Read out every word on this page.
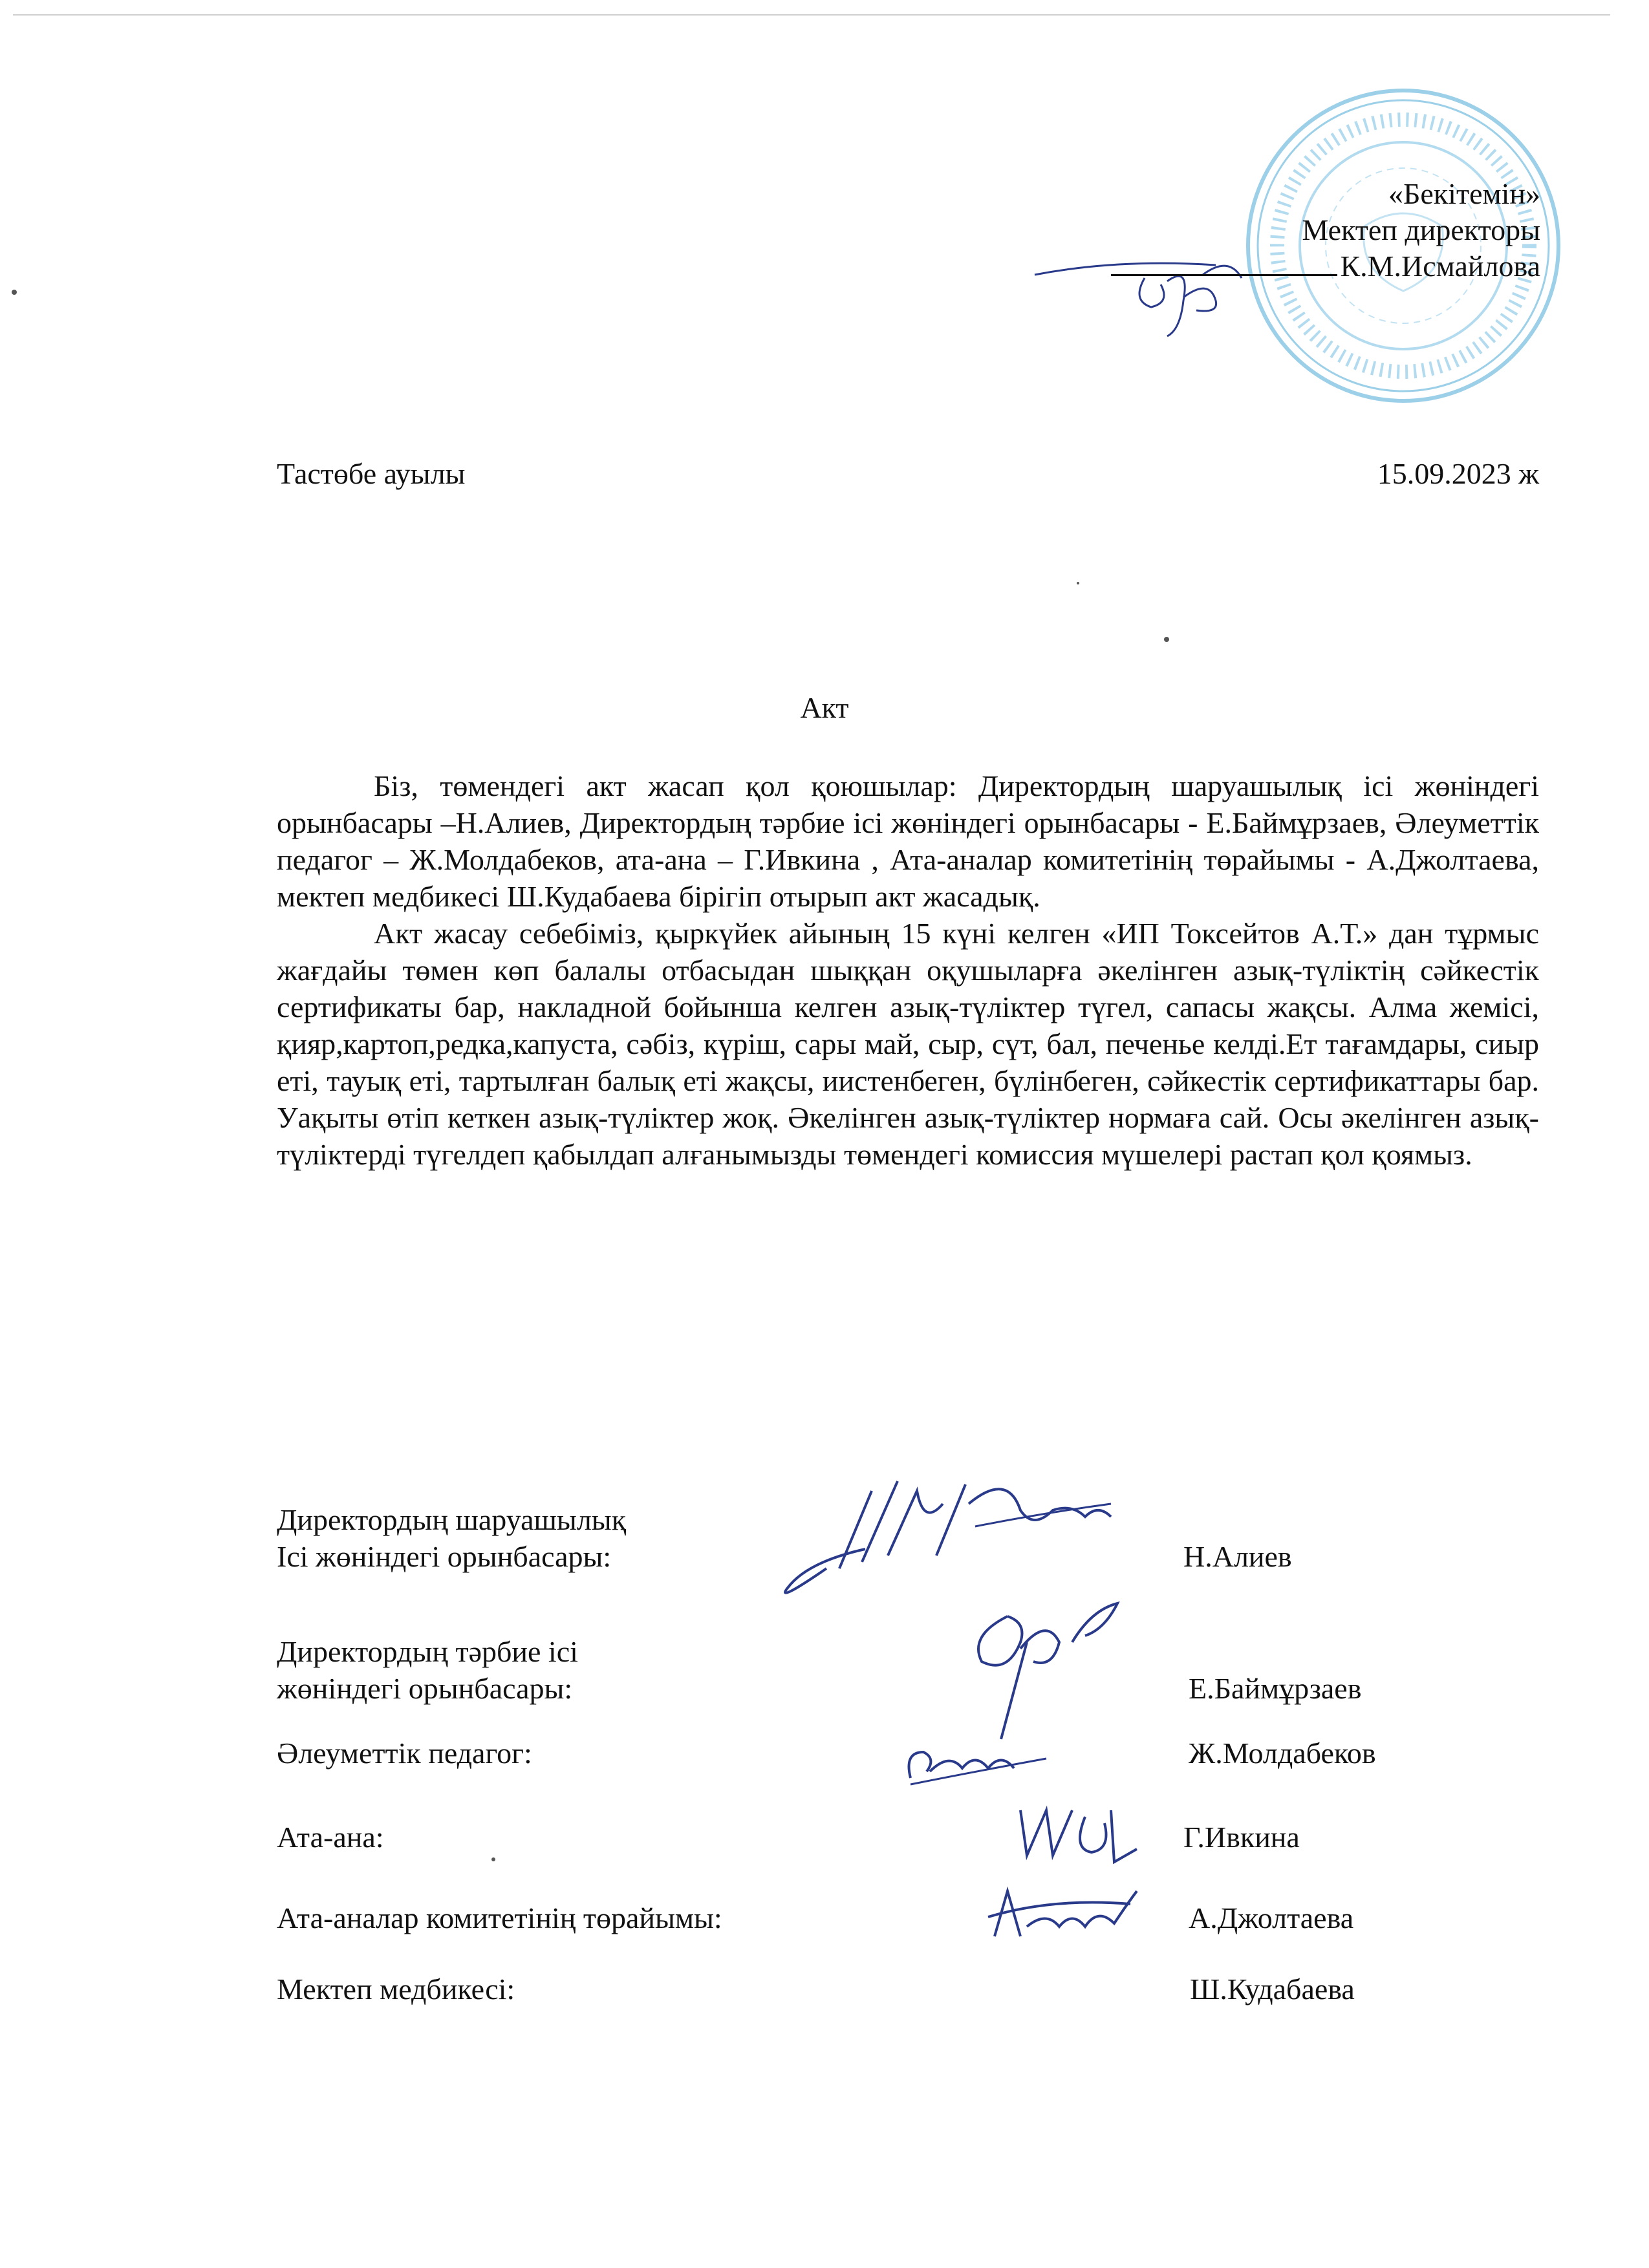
«Бекітемін»
Мектеп директоры
К.М.Исмайлова
Тастөбе ауылы	15.09.2023 ж
Акт

Біз, төмендегі акт жасап қол қоюшылар: Директордың шаруашылық ісі жөніндегі орынбасары –Н.Алиев, Директордың тәрбие ісі жөніндегі орынбасары - Е.Баймұрзаев, Әлеуметтік педагог – Ж.Молдабеков, ата-ана – Г.Ивкина , Ата-аналар комитетінің төрайымы - А.Джолтаева, мектеп медбикесі Ш.Кудабаева бірігіп отырып акт жасадық.

Акт жасау себебіміз, қыркүйек айының 15 күні келген «ИП Токсейтов А.Т.» дан тұрмыс жағдайы төмен көп балалы отбасыдан шыққан оқушыларға әкелінген азық-түліктің сәйкестік сертификаты бар, накладной бойынша келген азық-түліктер түгел, сапасы жақсы. Алма жемісі, қияр,картоп,редка,капуста, сәбіз, күріш, сары май, сыр, сүт, бал, печенье келді.Ет тағамдары, сиыр еті, тауық еті, тартылған балық еті жақсы, иистенбеген, бүлінбеген, сәйкестік сертификаттары бар. Уақыты өтіп кеткен азық-түліктер жоқ. Әкелінген азық-түліктер нормаға сай. Осы әкелінген азық-түліктерді түгелдеп қабылдап алғанымызды төмендегі комиссия мүшелері растап қол қоямыз.

Директордың шаруашылық
Ісі жөніндегі орынбасары:	Н.Алиев
Директордың тәрбие ісі
жөніндегі орынбасары:	Е.Баймұрзаев
Әлеуметтік педагог:	Ж.Молдабеков
Ата-ана:	Г.Ивкина
Ата-аналар комитетінің төрайымы:	А.Джолтаева
Мектеп медбикесі:	Ш.Кудабаева
